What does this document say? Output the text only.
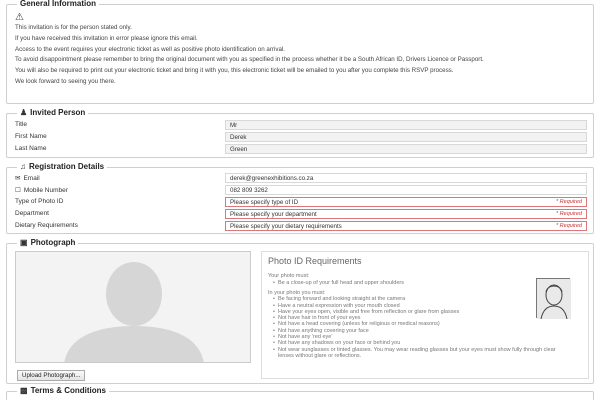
General Information
⚠

This invitation is for the person stated only.

If you have received this invitation in error please ignore this email.

Access to the event requires your electronic ticket as well as positive photo identification on arrival.

To avoid disappointment please remember to bring the original document with you as specified in the process whether it be a South African ID, Drivers Licence or Passport.

You will also be required to print out your electronic ticket and bring it with you, this electronic ticket will be emailed to you after you complete this RSVP process.

We look forward to seeing you there.

♟ Invited Person
Title	Mr
First Name	Derek
Last Name	Green
♫ Registration Details
✉ Email	derek@greenexhibitions.co.za
☐ Mobile Number	082 809 3262
Type of Photo ID	Please specify type of ID	* Required
Department	Please specify your department	* Required
Dietary Requirements	Please specify your dietary requirements	* Required
▣ Photograph
Upload Photograph...
Photo ID Requirements
Your photo must:
• Be a close-up of your full head and upper shoulders
In your photo you must:
• Be facing forward and looking straight at the camera
• Have a neutral expression with your mouth closed
• Have your eyes open, visible and free from reflection or glare from glasses
• Not have hair in front of your eyes
• Not have a head covering (unless for religious or medical reasons)
• Not have anything covering your face
• Not have any 'red eye'
• Not have any shadows on your face or behind you
• Not wear sunglasses or tinted glasses. You may wear reading glasses but your eyes must show fully through clear lenses without glare or reflections.
▩ Terms & Conditions
